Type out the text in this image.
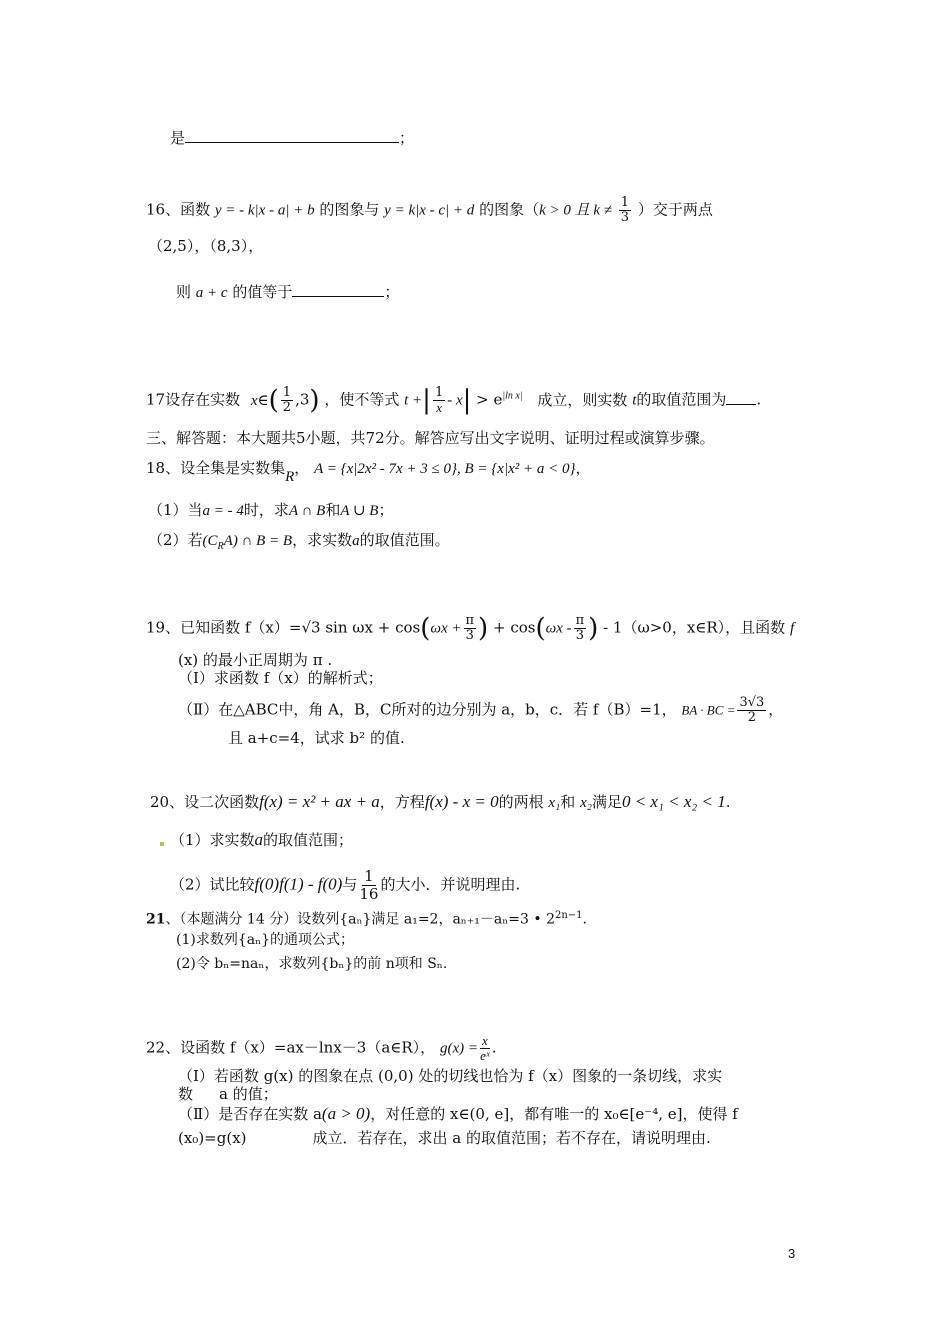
是	；
16、函数 y = - k|x - a| + b 的图象与 y = k|x - c| + d 的图象（k > 0 且 $k \ne \frac{1}{3}$ ）交于两点
（2,5），（8,3），
则 a + c 的值等于	；
17设存在实数 x∈( $\frac{1}{2} ,3$) ，使不等式 t +| $\frac{1}{x} - x| > e^{|ln x|}$ 成立，则实数 t的取值范围为 .
三、解答题：本大题共5小题，共72分。解答应写出文字说明、证明过程或演算步骤。
18、设全集是实数集R， A = {x|2x² - 7x + 3 ≤ 0}, B = {x|x² + a < 0}，
（1）当a = - 4时，求A ∩ B和A ∪ B；
（2）若$(C_RA)$ ∩ B = B，求实数a的取值范围。
19、已知函数 f（x）=√3 $\sin \omega x + \cos(\omega x + \frac{\pi}{3}$ ) + $\cos(\omega x - \frac{\pi}{3}$ ) - 1（ω>0，x∈R），且函数 f
(x) 的最小正周期为 π .
（Ⅰ）求函数 f（x）的解析式；
（Ⅱ）在△ABC中，角 A，B，C所对的边分别为 a，b，c．若 f（B）=1， BA · BC = $\frac{3√3}{2}$ ，
且 a+c=4，试求 b² 的值.
20、设二次函数f(x) = x² + ax + a，方程f(x) - x = 0的两根 x₁和 x₂满足0 < x₁ < x₂ < 1.
（1）求实数a的取值范围；
（2）试比较f(0)f(1) - f(0)与 $\frac{1}{16}$ 的大小．并说明理由.
21、（本题满分 14 分）设数列{aₙ}满足 a₁=2，aₙ₊₁－aₙ=3 • $2^{2n-1}$.
(1)求数列{aₙ}的通项公式；
(2)令 bₙ=naₙ，求数列{bₙ}的前 n项和 Sₙ.
22、设函数 f（x）=ax－lnx－3（a∈R）， $g(x) = \frac{x}{\text{eˣ}}$ .
（Ⅰ）若函数 g(x) 的图象在点 (0,0) 处的切线也恰为 f（x）图象的一条切线，求实
数 a 的值；
（Ⅱ）是否存在实数 a(a > 0)，对任意的 x∈(0, e]，都有唯一的 x₀∈[e⁻⁴, e]，使得 f
(x₀)=g(x)	成立．若存在，求出 a 的取值范围；若不存在，请说明理由.
3
